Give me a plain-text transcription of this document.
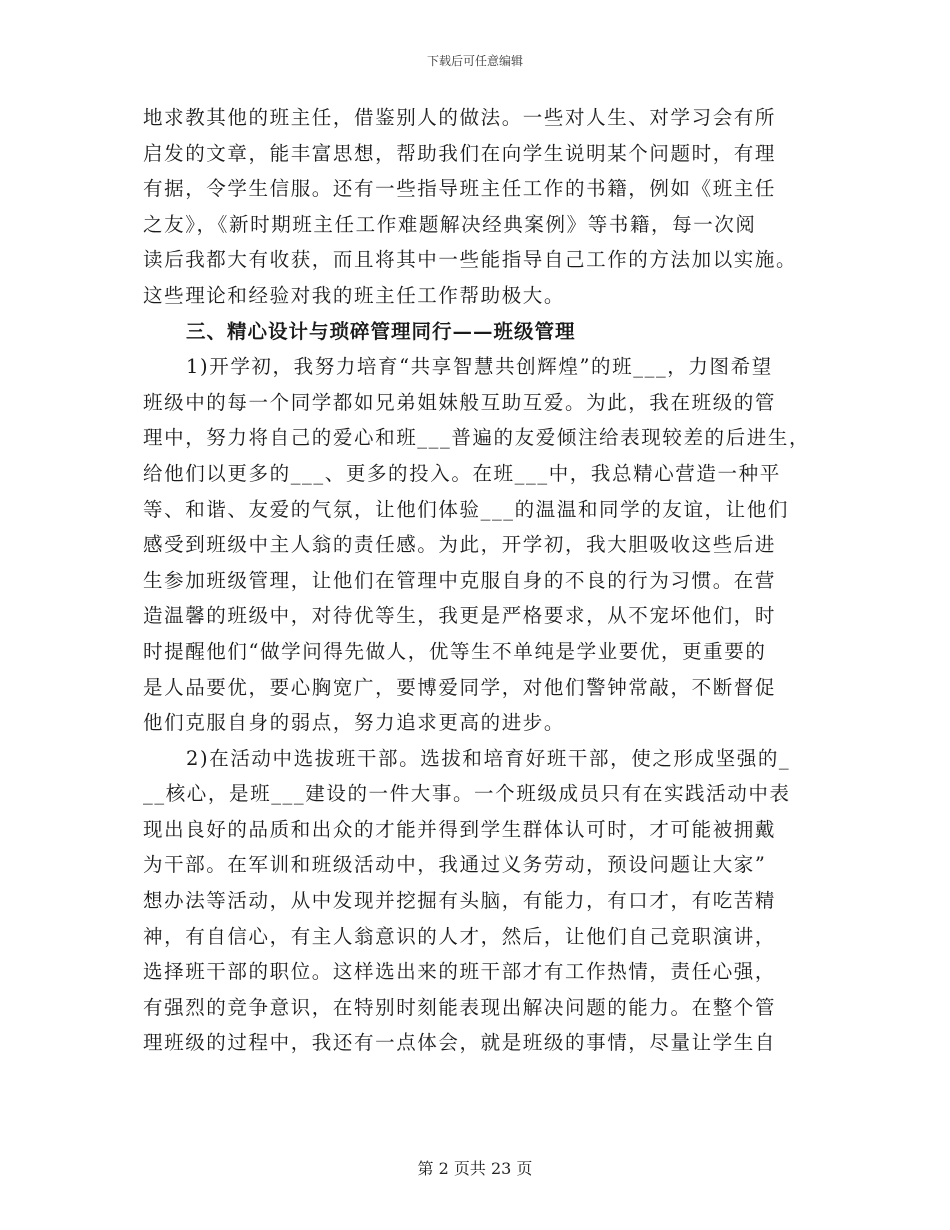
下载后可任意编辑
地求教其他的班主任，借鉴别人的做法。一些对人生、对学习会有所
启发的文章，能丰富思想，帮助我们在向学生说明某个问题时，有理
有据，令学生信服。还有一些指导班主任工作的书籍，例如《班主任
之友》，《新时期班主任工作难题解决经典案例》等书籍，每一次阅
读后我都大有收获，而且将其中一些能指导自己工作的方法加以实施。
这些理论和经验对我的班主任工作帮助极大。
三、精心设计与琐碎管理同行——班级管理
1)开学初，我努力培育“共享智慧共创辉煌”的班___，力图希望
班级中的每一个同学都如兄弟姐妹般互助互爱。为此，我在班级的管
理中，努力将自己的爱心和班___普遍的友爱倾注给表现较差的后进生，
给他们以更多的___、更多的投入。在班___中，我总精心营造一种平
等、和谐、友爱的气氛，让他们体验___的温温和同学的友谊，让他们
感受到班级中主人翁的责任感。为此，开学初，我大胆吸收这些后进
生参加班级管理，让他们在管理中克服自身的不良的行为习惯。在营
造温馨的班级中，对待优等生，我更是严格要求，从不宠坏他们，时
时提醒他们“做学问得先做人，优等生不单纯是学业要优，更重要的
是人品要优，要心胸宽广，要博爱同学，对他们警钟常敲，不断督促
他们克服自身的弱点，努力追求更高的进步。
2)在活动中选拔班干部。选拔和培育好班干部，使之形成坚强的_
__核心，是班___建设的一件大事。一个班级成员只有在实践活动中表
现出良好的品质和出众的才能并得到学生群体认可时，才可能被拥戴
为干部。在军训和班级活动中，我通过义务劳动，预设问题让大家”
想办法等活动，从中发现并挖掘有头脑，有能力，有口才，有吃苦精
神，有自信心，有主人翁意识的人才，然后，让他们自己竞职演讲，
选择班干部的职位。这样选出来的班干部才有工作热情，责任心强，
有强烈的竞争意识，在特别时刻能表现出解决问题的能力。在整个管
理班级的过程中，我还有一点体会，就是班级的事情，尽量让学生自
第 2 页共 23 页
